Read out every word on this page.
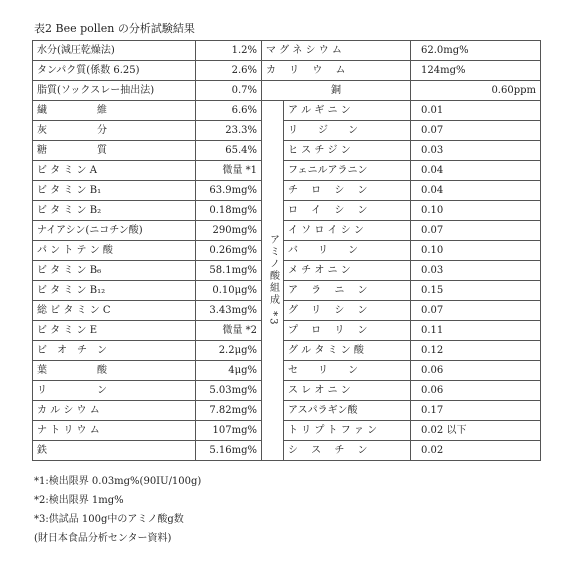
表2 Bee pollen の分析試験結果
水分(減圧乾燥法)	1.2%	マ グ ネ シ ウ ム		62.0mg%
タンパク質(係数 6.25)	2.6%	カ　 リ 　ウ　 ム		124mg%
脂質(ソックスレー抽出法)	0.7%	銅		0.60ppm
繊　　　　　維	6.6%	アミノ酸組成 *3	ア ル ギ ニ ン	0.01
灰　　　　　分	23.3%		リ　　ジ　　ン	0.07
糖　　　　　質	65.4%		ヒ ス チ ジ ン	0.03
ビ タ ミ ン A	微量 *1		フェニルアラニン	0.04
ビ タ ミ ン B₁	63.9mg%		チ　 ロ 　シ　 ン	0.04
ビ タ ミ ン B₂	0.18mg%		ロ　 イ 　シ　 ン	0.10
ナイアシン(ニコチン酸)	290mg%		イ ソ ロ イ シ ン	0.07
パ ン ト テ ン 酸	0.26mg%		バ　　リ　　ン	0.10
ビ タ ミ ン B₆	58.1mg%		メ チ オ ニ ン	0.03
ビ タ ミ ン B₁₂	0.10μg%		ア　 ラ 　ニ　 ン	0.15
総 ビ タ ミ ン C	3.43mg%		グ　 リ 　シ　 ン	0.07
ビ タ ミ ン E	微量 *2		プ　 ロ 　リ　 ン	0.11
ビ　オ　チ　ン	2.2μg%		グ ル タ ミ ン 酸	0.12
葉　　　　　酸	4μg%		セ　　リ　　ン	0.06
リ　　　　　ン	5.03mg%		ス レ オ ニ ン	0.06
カ ル シ ウ ム	7.82mg%		アスパラギン酸	0.17
ナ ト リ ウ ム	107mg%		ト リ プ ト フ ァ ン	0.02 以下
鉄	5.16mg%		シ　 ス 　チ　 ン	0.02
*1:検出限界 0.03mg%(90IU/100g)
*2:検出限界 1mg%
*3:供試品 100g中のアミノ酸g数
(財日本食品分析センター資料)
